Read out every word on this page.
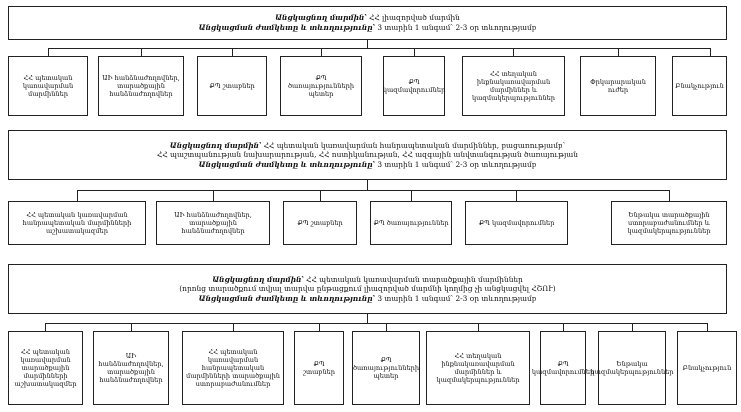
Անցկացնող մարմին՝ ՀՀ լիազորված մարմին
Անցկացման ժամկետը և տևողությունը՝ 3 տարին 1 անգամ՝ 2-3 օր տևողությամբ
ՀՀ պետական կառավարման մարմիններ
ԱԻ հանձնաժողովներ, տարածքային հանձնաժողովներ
ՔՊ շտաբներ
ՔՊ ծառայությունների պետեր
ՔՊ կազմավորումներ
ՀՀ տեղական ինքնակառավարման մարմիններ և կազմակերպություններ
Փրկարարական ուժեր
Բնակչություն
Անցկացնող մարմին՝ ՀՀ պետական կառավարման հանրապետական մարմիններ, բացառությամբ՝
ՀՀ պաշտպանության նախարարության, ՀՀ ոստիկանության, ՀՀ ազգային անվտանգության ծառայության
Անցկացման ժամկետը և տևողությունը՝ 3 տարին 1 անգամ՝ 2-3 օր տևողությամբ
ՀՀ պետական կառավարման հանրապետական մարմինների աշխատակազմեր
ԱԻ հանձնաժողովներ, տարածքային հանձնաժողովներ
ՔՊ շտաբներ	ՔՊ ծառայություններ	ՔՊ կազմավորումներ
Ենթակա տարածքային ստորաբաժանումներ և կազմակերպություններ
Անցկացնող մարմին՝ ՀՀ պետական կառավարման տարածքային մարմիններ
(որոնց տարածքում տվյալ տարվա ընթացքում լիազորված մարմնի կողմից չի անցկացվել ՀՇՈՒ)
Անցկացման ժամկետը և տևողությունը՝ 3 տարին 1 անգամ՝ 2-3 օր տևողությամբ
ՀՀ պետական կառավարման տարածքային մարմինների աշխատակազմեր
ԱԻ հանձնաժողովներ, տարածքային հանձնաժողովներ
ՀՀ պետական կառավարման հանրապետական մարմինների տարածքային ստորաբաժանումներ
ՔՊ շտաբներ
ՔՊ ծառայությունների պետեր
ՀՀ տեղական ինքնակառավարման մարմիններ և կազմակերպություններ
ՔՊ կազմավորումներ
Ենթակա կազմակերպություններ
Բնակչություն
